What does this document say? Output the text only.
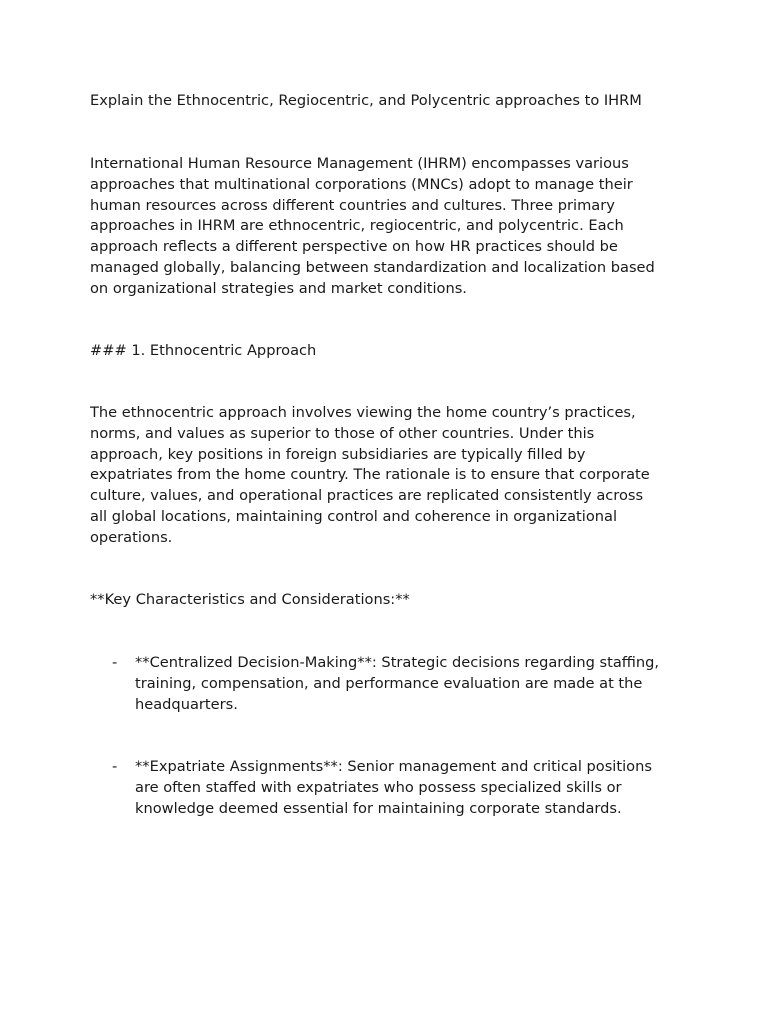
Explain the Ethnocentric, Regiocentric, and Polycentric approaches to IHRM

International Human Resource Management (IHRM) encompasses various
approaches that multinational corporations (MNCs) adopt to manage their
human resources across different countries and cultures. Three primary
approaches in IHRM are ethnocentric, regiocentric, and polycentric. Each
approach reflects a different perspective on how HR practices should be
managed globally, balancing between standardization and localization based
on organizational strategies and market conditions.

### 1. Ethnocentric Approach

The ethnocentric approach involves viewing the home country’s practices,
norms, and values as superior to those of other countries. Under this
approach, key positions in foreign subsidiaries are typically filled by
expatriates from the home country. The rationale is to ensure that corporate
culture, values, and operational practices are replicated consistently across
all global locations, maintaining control and coherence in organizational
operations.

**Key Characteristics and Considerations:**

- **Centralized Decision-Making**: Strategic decisions regarding staffing,
training, compensation, and performance evaluation are made at the
headquarters.
- **Expatriate Assignments**: Senior management and critical positions
are often staffed with expatriates who possess specialized skills or
knowledge deemed essential for maintaining corporate standards.
